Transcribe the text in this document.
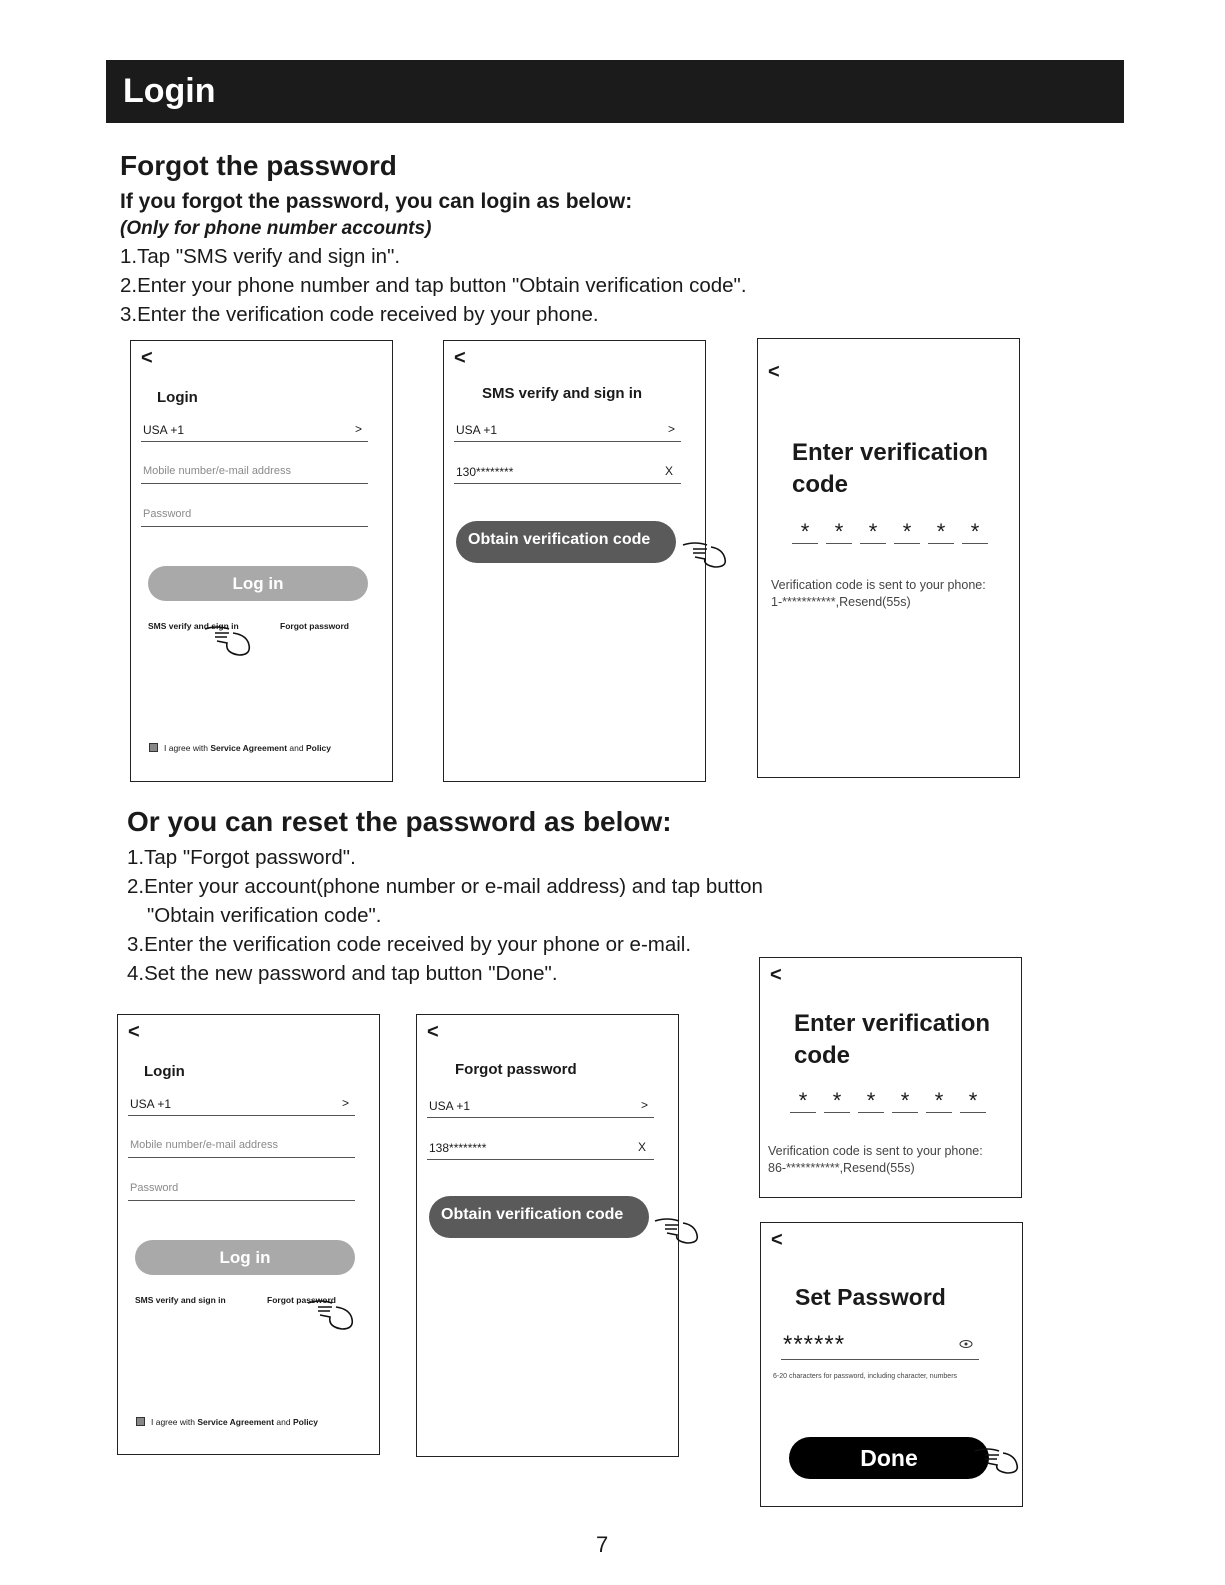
Login
Forgot the password
If you forgot the password, you can login as below:
(Only for phone number accounts)
1.Tap "SMS verify and sign in".
2.Enter your phone number and tap button "Obtain verification code".
3.Enter the verification code received by your phone.
<
Login
USA +1	>
Mobile number/e-mail address
Password
Log in
SMS verify and sign in	Forgot password
I agree with Service Agreement and Policy
<
SMS verify and sign in
USA +1	>
130********	X
Obtain verification code
<
Enter verification
code
*	*	*	*	*	*
Verification code is sent to your phone:
1-***********,Resend(55s)
Or you can reset the password as below:
1.Tap "Forgot password".
2.Enter your account(phone number or e-mail address) and tap button
"Obtain verification code".
3.Enter the verification code received by your phone or e-mail.
4.Set the new password and tap button "Done".
<
Login
USA +1	>
Mobile number/e-mail address
Password
Log in
SMS verify and sign in	Forgot password
I agree with Service Agreement and Policy
<
Forgot password
USA +1	>
138********	X
Obtain verification code
<
Enter verification
code
*	*	*	*	*	*
Verification code is sent to your phone:
86-***********,Resend(55s)
<
Set Password
******
6-20 characters for password, including character, numbers
Done
7
